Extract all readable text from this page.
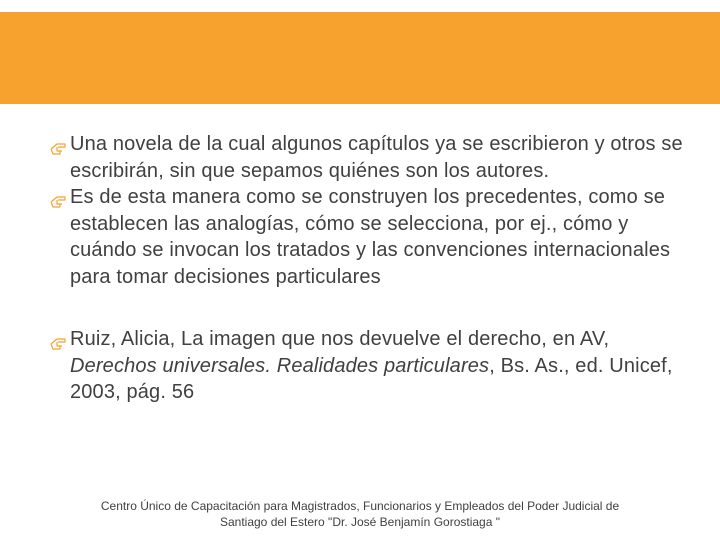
Una novela de la cual algunos capítulos ya se escribieron y otros se escribirán, sin que sepamos quiénes son los autores.
Es de esta manera como se construyen los precedentes, como se establecen las analogías, cómo se selecciona, por ej., cómo y cuándo se invocan los tratados y las convenciones internacionales para tomar decisiones particulares
Ruiz, Alicia, La imagen que nos devuelve el derecho, en AV, Derechos universales. Realidades particulares, Bs. As., ed. Unicef, 2003, pág. 56
Centro Único de Capacitación para Magistrados, Funcionarios y Empleados del Poder Judicial de
Santiago del Estero "Dr. José Benjamín Gorostiaga "
